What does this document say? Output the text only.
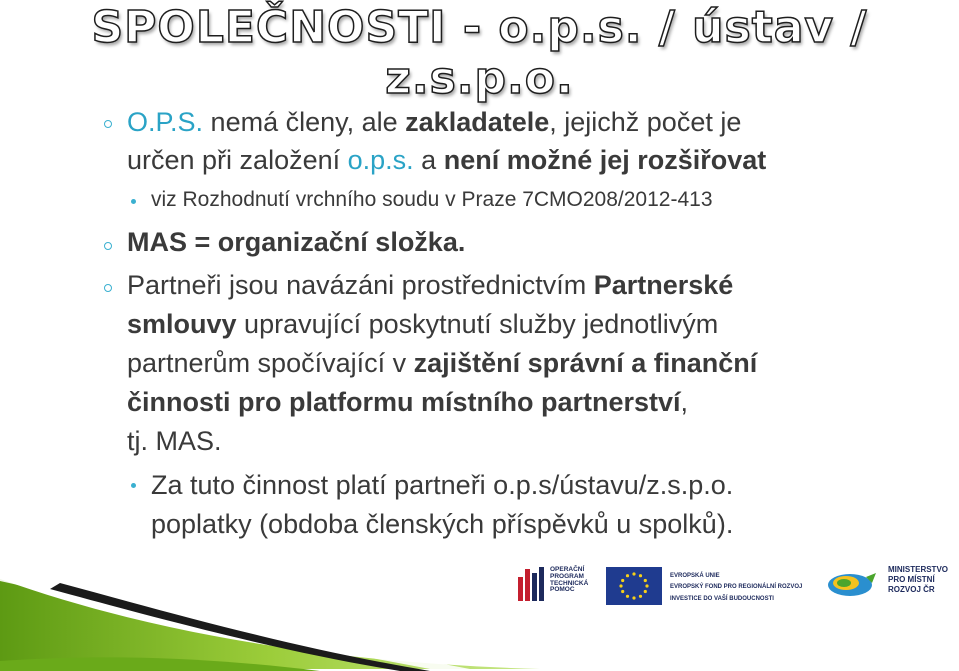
SPOLEČNOSTI - o.p.s. / ústav / z.s.p.o.
O.P.S. nemá členy, ale zakladatele, jejichž počet je
určen při založení o.p.s. a není možné jej rozšiřovat
viz Rozhodnutí vrchního soudu v Praze 7CMO208/2012-413
MAS = organizační složka.
Partneři jsou navázáni prostřednictvím Partnerské
smlouvy upravující poskytnutí služby jednotlivým
partnerům spočívající v zajištění správní a finanční
činnosti pro platformu místního partnerství,
tj. MAS.
Za tuto činnost platí partneři o.p.s/ústavu/z.s.p.o.
poplatky (obdoba členských příspěvků u spolků).
OPERAČNÍ
PROGRAM
TECHNICKÁ
POMOC
EVROPSKÁ UNIE
EVROPSKÝ FOND PRO REGIONÁLNÍ ROZVOJ
INVESTICE DO VAŠÍ BUDOUCNOSTI
MINISTERSTVO
PRO MÍSTNÍ
ROZVOJ ČR
